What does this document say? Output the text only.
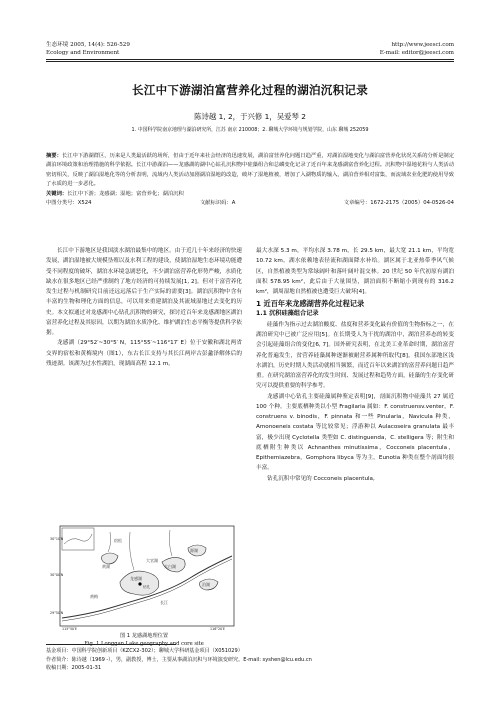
生态环境 2005, 14(4): 526-529
Ecology and Environment
http://www.jeesci.com
E-mail: editor@jeesci.com
长江中下游湖泊富营养化过程的湖泊沉积记录
陈诗越 1, 2，于兴修 1，吴爱琴 2
1. 中国科学院南京地理与湖泊研究所，江苏 南京 210008；2. 聊城大学环境与规划学院，山东 聊城 252059
摘要：长江中下游湖群区，历来是人类最活跃的场所，但由于近年来社会经济的迅速发展，湖泊富营养化问题日趋严重，对湖泊湿地变化与湖泊富营养化状况关系的分析是制定湖泊环境政策和治理措施的科学依据。长江中游湖泊——龙感湖的湖中心钻孔沉积物中硅藻组合和总磷变化记录了近百年来龙感湖富营养化过程。沉积物中湿地花粉与人类活动密切相关，反映了湖泊湿地化等的分析表明，流域内人类活动加剧湖泊湿地的改造，破坏了湿地植被，增加了入湖物质的输入，湖泊营养相对富集，而流域农业化肥的使用导致了水质的进一步恶化。
关键词：长江中下游；龙感湖；湿地；富营养化；湖泊沉积
中图分类号：X524	文献标识码：A	文章编号：1672-2175（2005）04-0526-04

长江中下游地区是我国淡水湖泊最集中的地区。由于近几十年来经济的快速发展，湖泊湿地被大规模垦殖以及水利工程的建设，使湖泊湿地生态环境功能遭受不同程度的破坏，湖泊水环境急剧恶化，不少湖泊富营养化形势严峻，水质化缺水在很多地区已经严重制约了地方经济的可持续发展[1, 2]。但对于富营养化发生过程与机制研究目前还远远落后于生产实际的需要[3]。湖泊沉积物中含有丰富的生物和理化方面的信息，可以用来重建湖泊及其流域湿地过去变化的历史。本文拟通过对龙感湖中心钻孔沉积物的研究，探讨近百年来龙感湖地区湖泊富营养化过程及其原因，以期为湖泊水质净化、维护湖泊生态平衡等提供科学依据。

龙感湖（29°52′~30°5′ N，115°55′~116°17′ E）位于安徽和湖北两省交界的宿松和黄梅境内（图1），东古长江支持与其长江两岸古彭蠡泽解体后的残迹湖。该湖为过水性湖泊，现湖面高程 12.1 m，

宿松
黄梅
龙感湖
长江
太白湖
源湖
黄湖
大官湖
泊湖
钻孔
30°10′N
30°00′N
29°50′N
115°50′E	116°20′E
图 1 龙感湖地理位置
Fig. 1 Longgan Lake geography and core site

最大水深 5.3 m，平均水深 3.78 m，长 29.5 km，最大宽 21.1 km，平均宽 10.72 km。湖水依赖地表径流和湖面降水补给。湖区属于北亚热带季风气候区，自然植被类型为常绿阔叶和落叶阔叶混交林。20 世纪 50 年代初原有湖泊面积 578.95 km²，此后由于大量围垦，湖泊面积不断缩小到现有的 316.2 km²，湖周湿地自然植被也遭受巨大破坏[4]。

1 近百年来龙感湖营养化过程记录
1.1 沉积硅藻组合记录

硅藻作为指示过去湖泊酸度、盐度和营养变化最有价值的生物指标之一，在湖泊研究中已被广泛应用[5]。在长期受人为干扰的湖泊中，湖泊营养态的转变会引起硅藻组合的变化[6, 7]。国外研究表明，在北美工业革命时期，湖泊富营养化普遍发生，贫营养硅藻属种逐渐被耐营养属种所取代[8]。我国东部地区浅水湖泊，历史时期人类活动就相当频繁，而近百年以来湖泊的富营养问题日趋严重。在研究湖泊富营养化的发生时间、发展过程和趋势方面，硅藻的生存变化研究可以提供重要的科学参考。

龙感湖中心钻孔主要硅藻属种鉴定表明[9]，剖面沉积物中硅藻共 27 属近 100 个种。主要底栖种类以小型 Fragilaria 属如：F. construensv.venter，F. construens v. binodis，F. pinnata 和一些 Pinularia，Navicula 种类，Amonoeneis costata 等比较常见；浮游种以 Aulacoseira granulata 最丰富，极少出现 Cyclotella 类型如 C. distinguenda，C. stelligera 等；附生和底栖附生种类以 Achnanthes minutissima，Cocconeis placentula，Epithemiazebra，Gomphora libyca 等为主，Eunotia 种类在整个剖面均很丰富。

钻孔沉积中常见的 Cocconeis placentula,

基金项目：中国科学院创新项目（KZCX2-302）；聊城大学科研基金项目（X051029）
作者简介：陈诗越（1969 -），男，副教授，博士，主要从事湖泊沉积与环境演变研究。E-mail: syshen@lcu.edu.cn
收稿日期：2005-01-31
